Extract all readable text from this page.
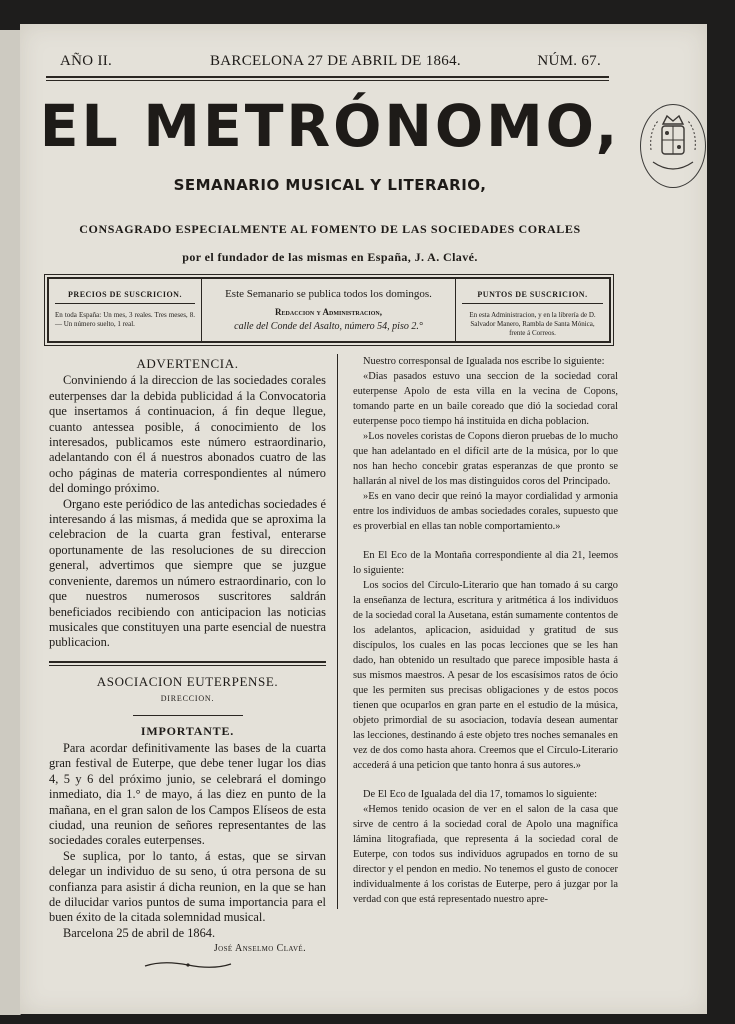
AÑO II.	BARCELONA 27 DE ABRIL DE 1864.	NÚM. 67.
EL METRÓNOMO,
SEMANARIO MUSICAL Y LITERARIO,
CONSAGRADO ESPECIALMENTE AL FOMENTO DE LAS SOCIEDADES CORALES
por el fundador de las mismas en España, J. A. Clavé.
PRECIOS DE SUSCRICION.
En toda España: Un mes, 3 reales. Tres meses, 8. — Un número suelto, 1 real.
Este Semanario se publica todos los domingos.
Redaccion y Administracion,
calle del Conde del Asalto, número 54, piso 2.°
PUNTOS DE SUSCRICION.
En esta Administracion, y en la librería de D. Salvador Manero, Rambla de Santa Mónica, frente á Correos.
ADVERTENCIA.

Conviniendo á la direccion de las sociedades corales euterpenses dar la debida publicidad á la Convocatoria que insertamos á continuacion, á fin deque llegue, cuanto antessea posible, á conocimiento de los interesados, publicamos este número estraordinario, adelantando con él á nuestros abonados cuatro de las ocho páginas de materia correspondientes al número del domingo próximo.

Organo este periódico de las antedichas sociedades é interesando á las mismas, á medida que se aproxima la celebracion de la cuarta gran festival, enterarse oportunamente de las resoluciones de su direccion general, advertimos que siempre que se juzgue conveniente, daremos un número estraordinario, con lo que nuestros numerosos suscritores saldrán beneficiados recibiendo con anticipacion las noticias musicales que constituyen una parte esencial de nuestra publicacion.

ASOCIACION EUTERPENSE.
DIRECCION.
IMPORTANTE.

Para acordar definitivamente las bases de la cuarta gran festival de Euterpe, que debe tener lugar los dias 4, 5 y 6 del próximo junio, se celebrará el domingo inmediato, dia 1.° de mayo, á las diez en punto de la mañana, en el gran salon de los Campos Elíseos de esta ciudad, una reunion de señores representantes de las sociedades corales euterpenses.

Se suplica, por lo tanto, á estas, que se sirvan delegar un individuo de su seno, ú otra persona de su confianza para asistir á dicha reunion, en la que se han de dilucidar varios puntos de suma importancia para el buen éxito de la citada solemnidad musical.

Barcelona 25 de abril de 1864.

José Anselmo Clavé.

Nuestro corresponsal de Igualada nos escribe lo siguiente:

«Dias pasados estuvo una seccion de la sociedad coral euterpense Apolo de esta villa en la vecina de Copons, tomando parte en un baile coreado que dió la sociedad coral euterpense poco tiempo há instituida en dicha poblacion.

»Los noveles coristas de Copons dieron pruebas de lo mucho que han adelantado en el difícil arte de la música, por lo que nos han hecho concebir gratas esperanzas de que pronto se hallarán al nivel de los mas distinguidos coros del Principado.

»Es en vano decir que reinó la mayor cordialidad y armonia entre los individuos de ambas sociedades corales, supuesto que es proverbial en ellas tan noble comportamiento.»

En El Eco de la Montaña correspondiente al dia 21, leemos lo siguiente:

Los socios del Círculo-Literario que han tomado á su cargo la enseñanza de lectura, escritura y aritmética á los individuos de la sociedad coral la Ausetana, están sumamente contentos de los adelantos, aplicacion, asiduidad y gratitud de sus discípulos, los cuales en las pocas lecciones que se les han dado, han obtenido un resultado que parece imposible hasta á sus mismos maestros. A pesar de los escasísimos ratos de ócio que les permiten sus precisas obligaciones y de estos pocos tienen que ocuparlos en gran parte en el estudio de la música, objeto primordial de su asociacion, todavía desean aumentar las lecciones, destinando á este objeto tres noches semanales en vez de dos como hasta ahora. Creemos que el Círculo-Literario accederá á una peticion que tanto honra á sus autores.»

De El Eco de Igualada del dia 17, tomamos lo siguiente:

«Hemos tenido ocasion de ver en el salon de la casa que sirve de centro á la sociedad coral de Apolo una magnífica lámina litografiada, que representa á la sociedad coral de Euterpe, con todos sus individuos agrupados en torno de su director y el pendon en medio. No tenemos el gusto de conocer individualmente á los coristas de Euterpe, pero á juzgar por la verdad con que está representado nuestro apre-
